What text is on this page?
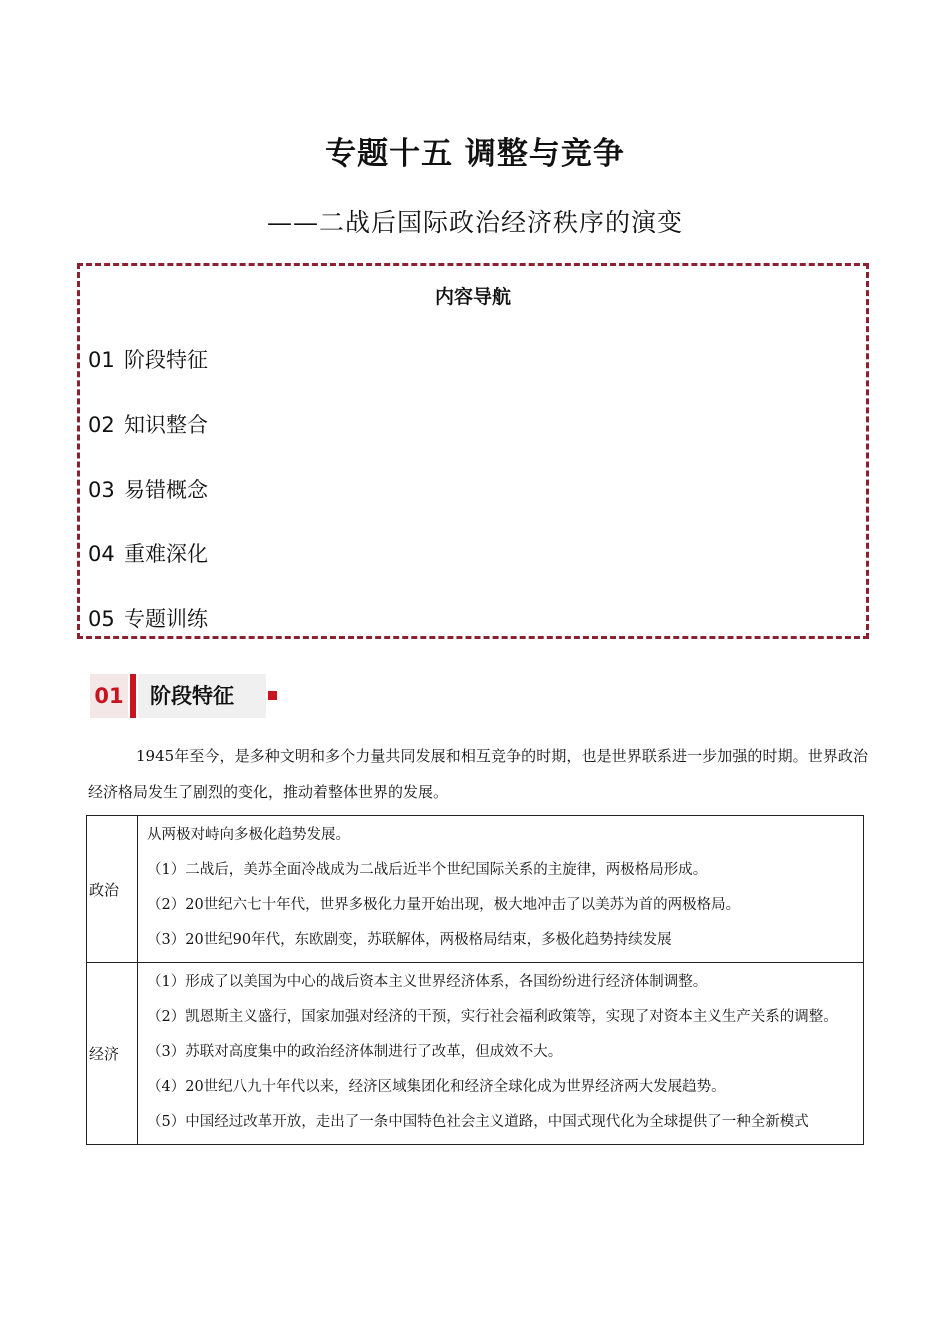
专题十五 调整与竞争
——二战后国际政治经济秩序的演变
内容导航
01 阶段特征
02 知识整合
03 易错概念
04 重难深化
05 专题训练
01	阶段特征
1945年至今，是多种文明和多个力量共同发展和相互竞争的时期，也是世界联系进一步加强的时期。世界政治经济格局发生了剧烈的变化，推动着整体世界的发展。
政治	从两极对峙向多极化趋势发展。

（1）二战后，美苏全面冷战成为二战后近半个世纪国际关系的主旋律，两极格局形成。

（2）20世纪六七十年代，世界多极化力量开始出现，极大地冲击了以美苏为首的两极格局。

（3）20世纪90年代，东欧剧变，苏联解体，两极格局结束，多极化趋势持续发展

经济	（1）形成了以美国为中心的战后资本主义世界经济体系，各国纷纷进行经济体制调整。

（2）凯恩斯主义盛行，国家加强对经济的干预，实行社会福利政策等，实现了对资本主义生产关系的调整。

（3）苏联对高度集中的政治经济体制进行了改革，但成效不大。

（4）20世纪八九十年代以来，经济区域集团化和经济全球化成为世界经济两大发展趋势。

（5）中国经过改革开放，走出了一条中国特色社会主义道路，中国式现代化为全球提供了一种全新模式
